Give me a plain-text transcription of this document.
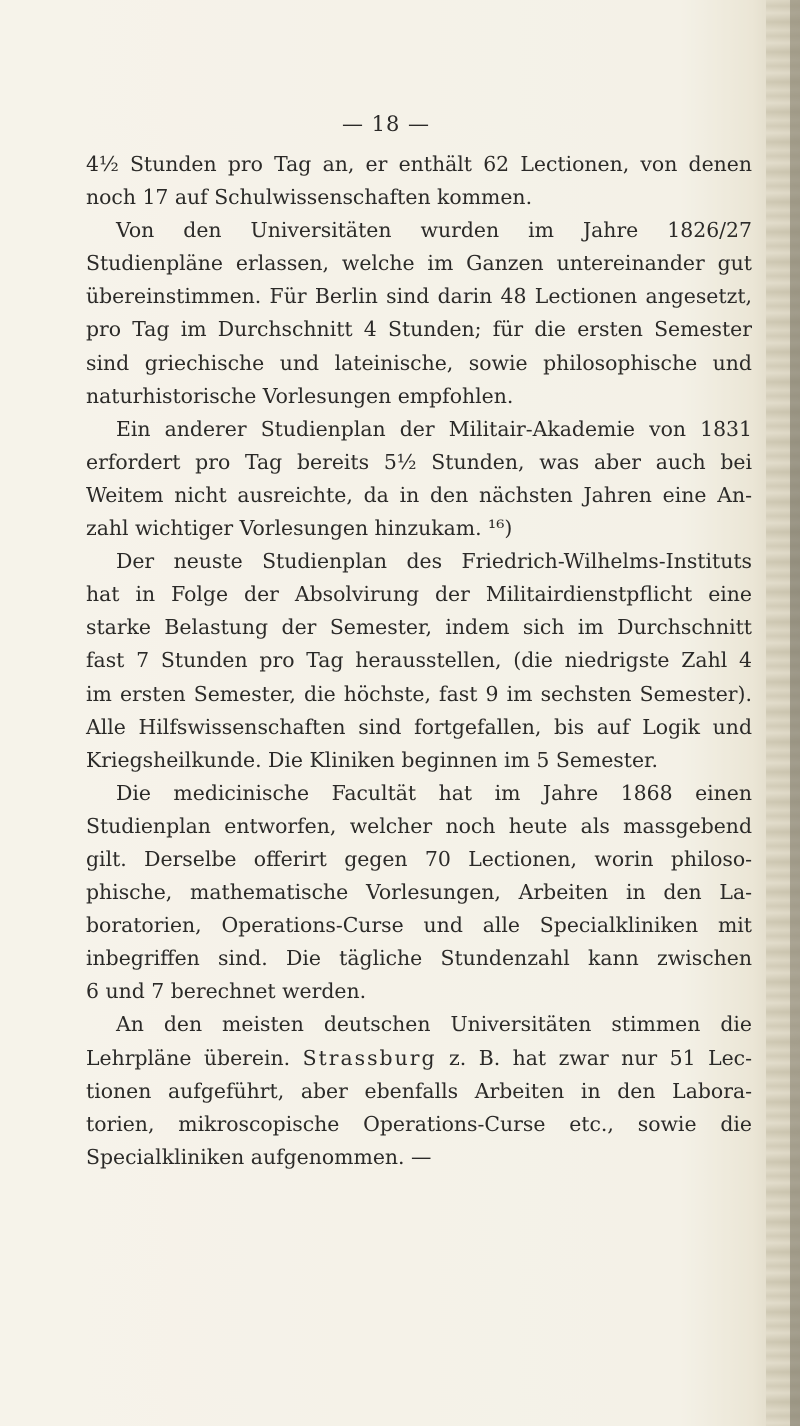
— 18 —
4½ Stunden pro Tag an, er enthält 62 Lectionen, von denen
noch 17 auf Schulwissenschaften kommen.
Von den Universitäten wurden im Jahre 1826/27
Studienpläne erlassen, welche im Ganzen untereinander gut
übereinstimmen. Für Berlin sind darin 48 Lectionen angesetzt,
pro Tag im Durchschnitt 4 Stunden; für die ersten Semester
sind griechische und lateinische, sowie philosophische und
naturhistorische Vorlesungen empfohlen.
Ein anderer Studienplan der Militair-Akademie von 1831
erfordert pro Tag bereits 5½ Stunden, was aber auch bei
Weitem nicht ausreichte, da in den nächsten Jahren eine An-
zahl wichtiger Vorlesungen hinzukam. ¹⁶)
Der neuste Studienplan des Friedrich-Wilhelms-Instituts
hat in Folge der Absolvirung der Militairdienstpflicht eine
starke Belastung der Semester, indem sich im Durchschnitt
fast 7 Stunden pro Tag herausstellen, (die niedrigste Zahl 4
im ersten Semester, die höchste, fast 9 im sechsten Semester).
Alle Hilfswissenschaften sind fortgefallen, bis auf Logik und
Kriegsheilkunde. Die Kliniken beginnen im 5 Semester.
Die medicinische Facultät hat im Jahre 1868 einen
Studienplan entworfen, welcher noch heute als massgebend
gilt. Derselbe offerirt gegen 70 Lectionen, worin philoso-
phische, mathematische Vorlesungen, Arbeiten in den La-
boratorien, Operations-Curse und alle Specialkliniken mit
inbegriffen sind. Die tägliche Stundenzahl kann zwischen
6 und 7 berechnet werden.
An den meisten deutschen Universitäten stimmen die
Lehrpläne überein. Strassburg z. B. hat zwar nur 51 Lec-
tionen aufgeführt, aber ebenfalls Arbeiten in den Labora-
torien, mikroscopische Operations-Curse etc., sowie die
Specialkliniken aufgenommen. —
